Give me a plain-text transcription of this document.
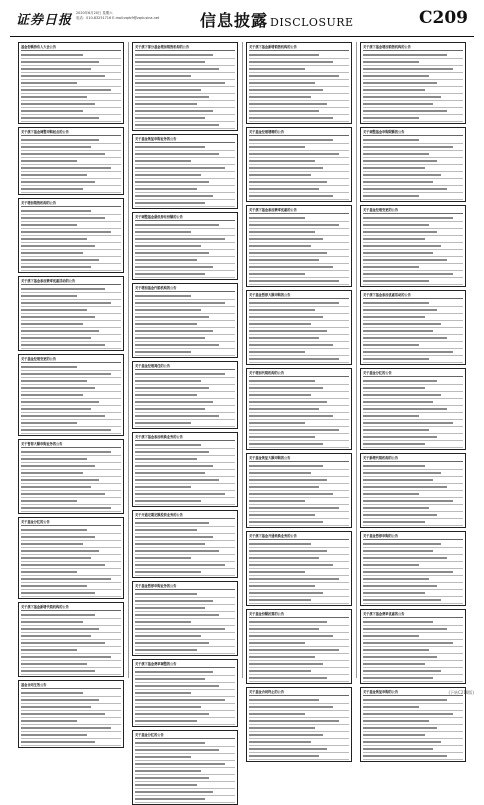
证券日报 2020年6月20日 星期六
电话：010-83251716 E-mail:zqrb9@zqrb.sina.net	信息披露 DISCLOSURE	C209
基金份额持有人大会公告
关于旗下基金调整申购起点的公告
关于增加销售机构的公告
关于旗下基金参加费率优惠活动的公告
关于基金经理变更的公告
关于暂停大额申购业务的公告
关于基金分红的公告
关于旗下基金新增代销机构的公告
基金合同生效公告
关于旗下部分基金增加销售机构的公告
关于基金恢复申购业务的公告
关于调整基金最低持有份额的公告
关于增加基金代销机构的公告
关于基金经理离任的公告
关于旗下基金参加转换业务的公告
关于开通定期定额投资业务的公告
关于基金暂停申购业务的公告
关于旗下基金费率调整的公告
关于基金分红的公告
关于旗下基金新增销售机构的公告
关于基金经理增聘的公告
关于旗下基金参加费率优惠的公告
关于基金暂停大额申购的公告
关于增加代销机构的公告
关于基金恢复大额申购的公告
关于旗下基金开通转换业务的公告
关于基金份额折算的公告
关于基金合同终止的公告
关于旗下基金增加销售机构的公告
关于调整基金申购限额的公告
关于基金经理变更的公告
关于旗下基金参加优惠活动的公告
关于基金分红的公告
关于新增代销机构的公告
关于基金暂停申购的公告
关于旗下基金费率优惠的公告
关于基金恢复申购的公告	(下转C210版)
